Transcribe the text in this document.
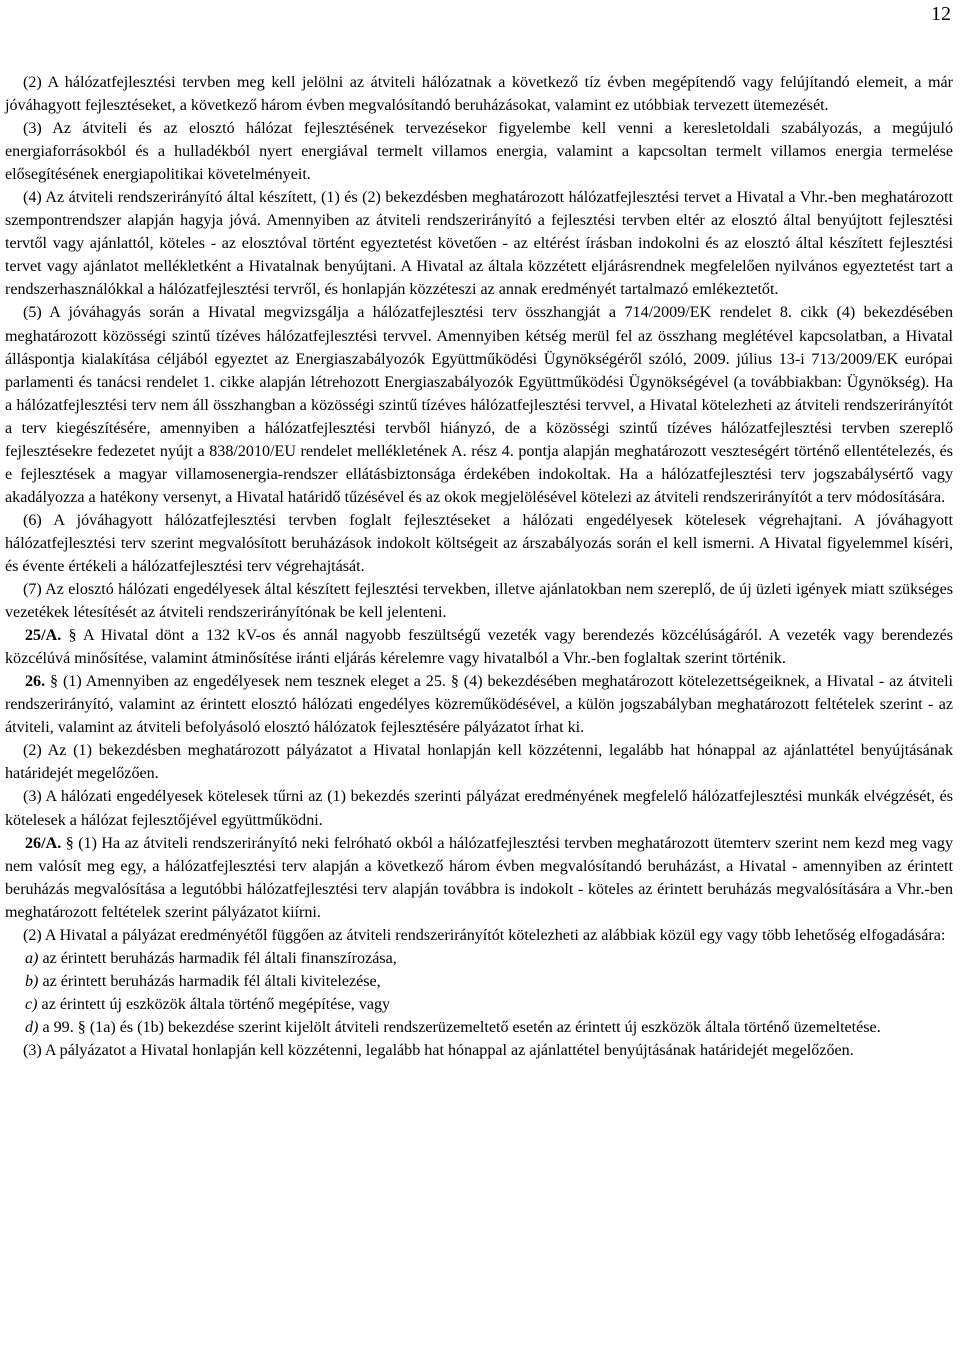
12

(2) A hálózatfejlesztési tervben meg kell jelölni az átviteli hálózatnak a következő tíz évben megépítendő vagy felújítandó elemeit, a már jóváhagyott fejlesztéseket, a következő három évben megvalósítandó beruházásokat, valamint ez utóbbiak tervezett ütemezését.

(3) Az átviteli és az elosztó hálózat fejlesztésének tervezésekor figyelembe kell venni a keresletoldali szabályozás, a megújuló energiaforrásokból és a hulladékból nyert energiával termelt villamos energia, valamint a kapcsoltan termelt villamos energia termelése elősegítésének energiapolitikai követelményeit.

(4) Az átviteli rendszerirányító által készített, (1) és (2) bekezdésben meghatározott hálózatfejlesztési tervet a Hivatal a Vhr.-ben meghatározott szempontrendszer alapján hagyja jóvá. Amennyiben az átviteli rendszerirányító a fejlesztési tervben eltér az elosztó által benyújtott fejlesztési tervtől vagy ajánlattól, köteles - az elosztóval történt egyeztetést követően - az eltérést írásban indokolni és az elosztó által készített fejlesztési tervet vagy ajánlatot mellékletként a Hivatalnak benyújtani. A Hivatal az általa közzétett eljárásrendnek megfelelően nyilvános egyeztetést tart a rendszerhasználókkal a hálózatfejlesztési tervről, és honlapján közzéteszi az annak eredményét tartalmazó emlékeztetőt.

(5) A jóváhagyás során a Hivatal megvizsgálja a hálózatfejlesztési terv összhangját a 714/2009/EK rendelet 8. cikk (4) bekezdésében meghatározott közösségi szintű tízéves hálózatfejlesztési tervvel. Amennyiben kétség merül fel az összhang meglétével kapcsolatban, a Hivatal álláspontja kialakítása céljából egyeztet az Energiaszabályozók Együttműködési Ügynökségéről szóló, 2009. július 13-i 713/2009/EK európai parlamenti és tanácsi rendelet 1. cikke alapján létrehozott Energiaszabályozók Együttműködési Ügynökségével (a továbbiakban: Ügynökség). Ha a hálózatfejlesztési terv nem áll összhangban a közösségi szintű tízéves hálózatfejlesztési tervvel, a Hivatal kötelezheti az átviteli rendszerirányítót a terv kiegészítésére, amennyiben a hálózatfejlesztési tervből hiányzó, de a közösségi szintű tízéves hálózatfejlesztési tervben szereplő fejlesztésekre fedezetet nyújt a 838/2010/EU rendelet mellékletének A. rész 4. pontja alapján meghatározott veszteségért történő ellentételezés, és e fejlesztések a magyar villamosenergia-rendszer ellátásbiztonsága érdekében indokoltak. Ha a hálózatfejlesztési terv jogszabálysértő vagy akadályozza a hatékony versenyt, a Hivatal határidő tűzésével és az okok megjelölésével kötelezi az átviteli rendszerirányítót a terv módosítására.

(6) A jóváhagyott hálózatfejlesztési tervben foglalt fejlesztéseket a hálózati engedélyesek kötelesek végrehajtani. A jóváhagyott hálózatfejlesztési terv szerint megvalósított beruházások indokolt költségeit az árszabályozás során el kell ismerni. A Hivatal figyelemmel kíséri, és évente értékeli a hálózatfejlesztési terv végrehajtását.

(7) Az elosztó hálózati engedélyesek által készített fejlesztési tervekben, illetve ajánlatokban nem szereplő, de új üzleti igények miatt szükséges vezetékek létesítését az átviteli rendszerirányítónak be kell jelenteni.

25/A. § A Hivatal dönt a 132 kV-os és annál nagyobb feszültségű vezeték vagy berendezés közcélúságáról. A vezeték vagy berendezés közcélúvá minősítése, valamint átminősítése iránti eljárás kérelemre vagy hivatalból a Vhr.-ben foglaltak szerint történik.

26. § (1) Amennyiben az engedélyesek nem tesznek eleget a 25. § (4) bekezdésében meghatározott kötelezettségeiknek, a Hivatal - az átviteli rendszerirányító, valamint az érintett elosztó hálózati engedélyes közreműködésével, a külön jogszabályban meghatározott feltételek szerint - az átviteli, valamint az átviteli befolyásoló elosztó hálózatok fejlesztésére pályázatot írhat ki.

(2) Az (1) bekezdésben meghatározott pályázatot a Hivatal honlapján kell közzétenni, legalább hat hónappal az ajánlattétel benyújtásának határidejét megelőzően.

(3) A hálózati engedélyesek kötelesek tűrni az (1) bekezdés szerinti pályázat eredményének megfelelő hálózatfejlesztési munkák elvégzését, és kötelesek a hálózat fejlesztőjével együttműködni.

26/A. § (1) Ha az átviteli rendszerirányító neki felróható okból a hálózatfejlesztési tervben meghatározott ütemterv szerint nem kezd meg vagy nem valósít meg egy, a hálózatfejlesztési terv alapján a következő három évben megvalósítandó beruházást, a Hivatal - amennyiben az érintett beruházás megvalósítása a legutóbbi hálózatfejlesztési terv alapján továbbra is indokolt - köteles az érintett beruházás megvalósítására a Vhr.-ben meghatározott feltételek szerint pályázatot kiírni.

(2) A Hivatal a pályázat eredményétől függően az átviteli rendszerirányítót kötelezheti az alábbiak közül egy vagy több lehetőség elfogadására:

a) az érintett beruházás harmadik fél általi finanszírozása,

b) az érintett beruházás harmadik fél általi kivitelezése,

c) az érintett új eszközök általa történő megépítése, vagy

d) a 99. § (1a) és (1b) bekezdése szerint kijelölt átviteli rendszerüzemeltető esetén az érintett új eszközök általa történő üzemeltetése.

(3) A pályázatot a Hivatal honlapján kell közzétenni, legalább hat hónappal az ajánlattétel benyújtásának határidejét megelőzően.
